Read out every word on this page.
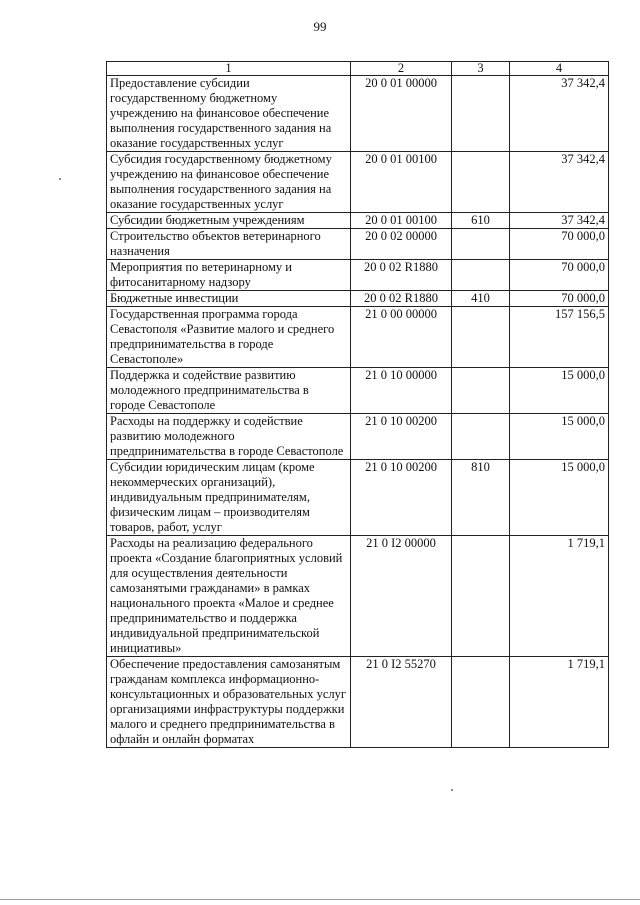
99
1	2	3	4
Предоставление субсидии государственному бюджетному учреждению на финансовое обеспечение выполнения государственного задания на оказание государственных услуг	20 0 01 00000		37 342,4
Субсидия государственному бюджетному учреждению на финансовое обеспечение выполнения государственного задания на оказание государственных услуг	20 0 01 00100		37 342,4
Субсидии бюджетным учреждениям	20 0 01 00100	610	37 342,4
Строительство объектов ветеринарного назначения	20 0 02 00000		70 000,0
Мероприятия по ветеринарному и фитосанитарному надзору	20 0 02 R1880		70 000,0
Бюджетные инвестиции	20 0 02 R1880	410	70 000,0
Государственная программа города Севастополя «Развитие малого и среднего предпринимательства в городе Севастополе»	21 0 00 00000		157 156,5
Поддержка и содействие развитию молодежного предпринимательства в городе Севастополе	21 0 10 00000		15 000,0
Расходы на поддержку и содействие развитию молодежного предпринимательства в городе Севастополе	21 0 10 00200		15 000,0
Субсидии юридическим лицам (кроме некоммерческих организаций), индивидуальным предпринимателям, физическим лицам – производителям товаров, работ, услуг	21 0 10 00200	810	15 000,0
Расходы на реализацию федерального проекта «Создание благоприятных условий для осуществления деятельности самозанятыми гражданами» в рамках национального проекта «Малое и среднее предпринимательство и поддержка индивидуальной предпринимательской инициативы»	21 0 I2 00000		1 719,1
Обеспечение предоставления самозанятым гражданам комплекса информационно-консультационных и образовательных услуг организациями инфраструктуры поддержки малого и среднего предпринимательства в офлайн и онлайн форматах	21 0 I2 55270		1 719,1
